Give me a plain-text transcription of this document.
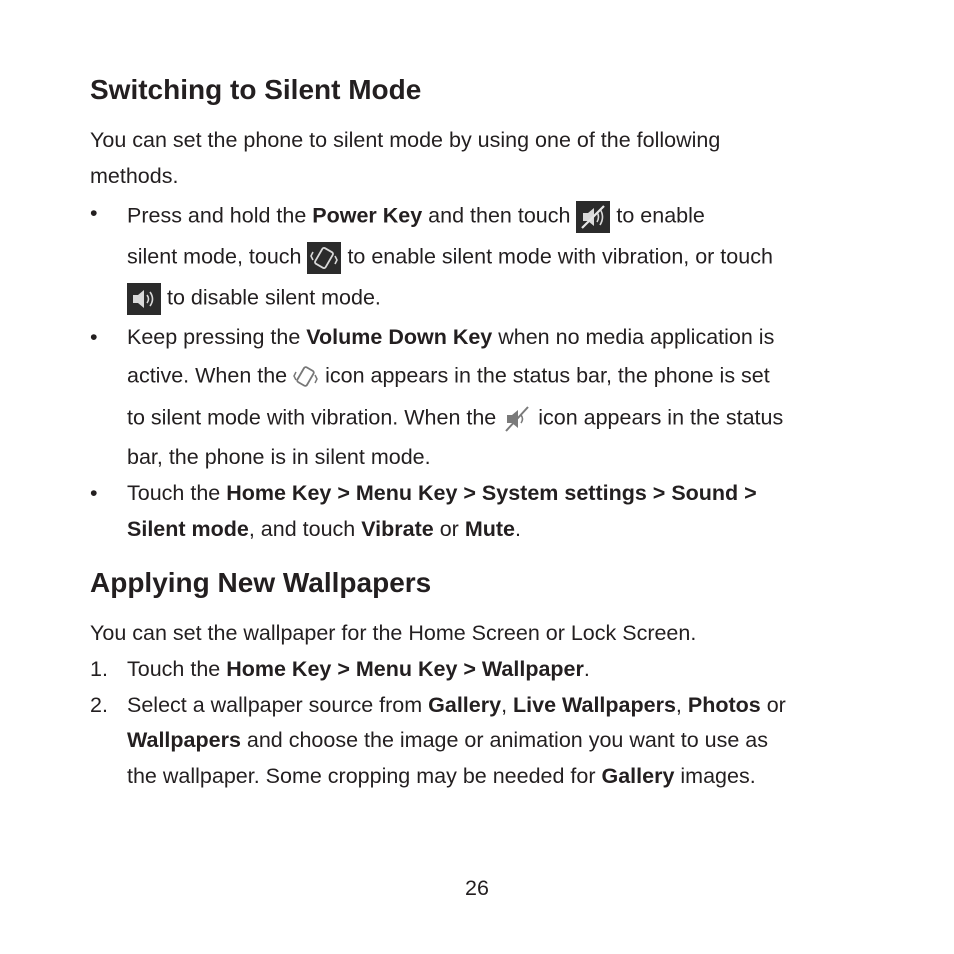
Switching to Silent Mode

You can set the phone to silent mode by using one of the following
methods.

• Press and hold the Power Key and then touch
to enable
silent mode, touch
to enable silent mode with vibration, or touch
to disable silent mode.
• Keep pressing the Volume Down Key when no media application is
active. When the
icon appears in the status bar, the phone is set
to silent mode with vibration. When the
icon appears in the status
bar, the phone is in silent mode.
• Touch the Home Key > Menu Key > System settings > Sound >
Silent mode, and touch Vibrate or Mute.
Applying New Wallpapers

You can set the wallpaper for the Home Screen or Lock Screen.

1. Touch the Home Key > Menu Key > Wallpaper.
2. Select a wallpaper source from Gallery, Live Wallpapers, Photos or
Wallpapers and choose the image or animation you want to use as
the wallpaper. Some cropping may be needed for Gallery images.
26
